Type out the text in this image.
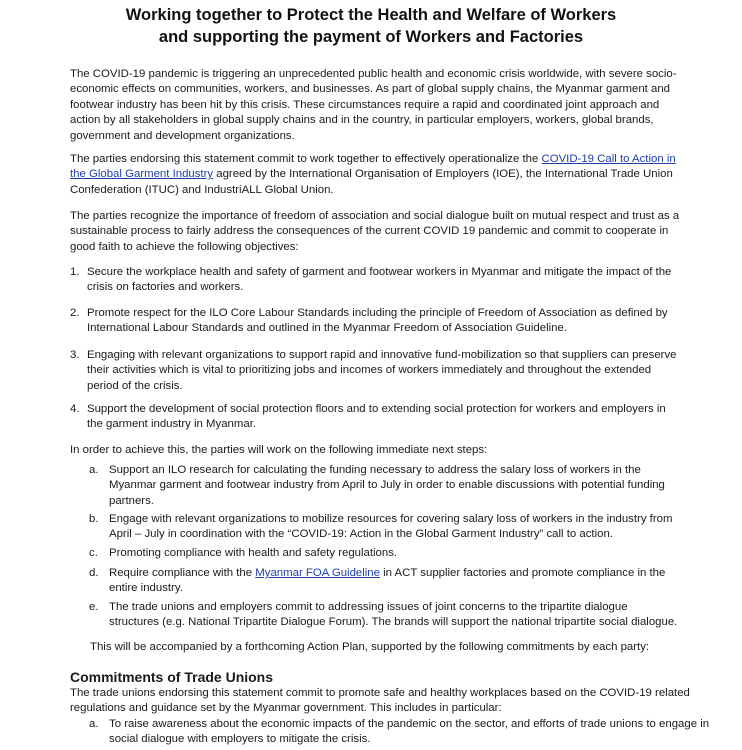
Working together to Protect the Health and Welfare of Workers
and supporting the payment of Workers and Factories
The COVID-19 pandemic is triggering an unprecedented public health and economic crisis worldwide, with severe socio-
economic effects on communities, workers, and businesses. As part of global supply chains, the Myanmar garment and
footwear industry has been hit by this crisis. These circumstances require a rapid and coordinated joint approach and
action by all stakeholders in global supply chains and in the country, in particular employers, workers, global brands,
government and development organizations.
The parties endorsing this statement commit to work together to effectively operationalize the COVID-19 Call to Action in
the Global Garment Industry agreed by the International Organisation of Employers (IOE), the International Trade Union
Confederation (ITUC) and IndustriALL Global Union.
The parties recognize the importance of freedom of association and social dialogue built on mutual respect and trust as a
sustainable process to fairly address the consequences of the current COVID 19 pandemic and commit to cooperate in
good faith to achieve the following objectives:
1. Secure the workplace health and safety of garment and footwear workers in Myanmar and mitigate the impact of the
crisis on factories and workers.
2. Promote respect for the ILO Core Labour Standards including the principle of Freedom of Association as defined by
International Labour Standards and outlined in the Myanmar Freedom of Association Guideline.
3. Engaging with relevant organizations to support rapid and innovative fund-mobilization so that suppliers can preserve
their activities which is vital to prioritizing jobs and incomes of workers immediately and throughout the extended
period of the crisis.
4. Support the development of social protection floors and to extending social protection for workers and employers in
the garment industry in Myanmar.
In order to achieve this, the parties will work on the following immediate next steps:
a. Support an ILO research for calculating the funding necessary to address the salary loss of workers in the
Myanmar garment and footwear industry from April to July in order to enable discussions with potential funding
partners.
b. Engage with relevant organizations to mobilize resources for covering salary loss of workers in the industry from
April – July in coordination with the “COVID-19: Action in the Global Garment Industry” call to action.
c. Promoting compliance with health and safety regulations.
d. Require compliance with the Myanmar FOA Guideline in ACT supplier factories and promote compliance in the
entire industry.
e. The trade unions and employers commit to addressing issues of joint concerns to the tripartite dialogue
structures (e.g. National Tripartite Dialogue Forum). The brands will support the national tripartite social dialogue.
This will be accompanied by a forthcoming Action Plan, supported by the following commitments by each party:
Commitments of Trade Unions
The trade unions endorsing this statement commit to promote safe and healthy workplaces based on the COVID-19 related
regulations and guidance set by the Myanmar government. This includes in particular:
a. To raise awareness about the economic impacts of the pandemic on the sector, and efforts of trade unions to engage in
social dialogue with employers to mitigate the crisis.
